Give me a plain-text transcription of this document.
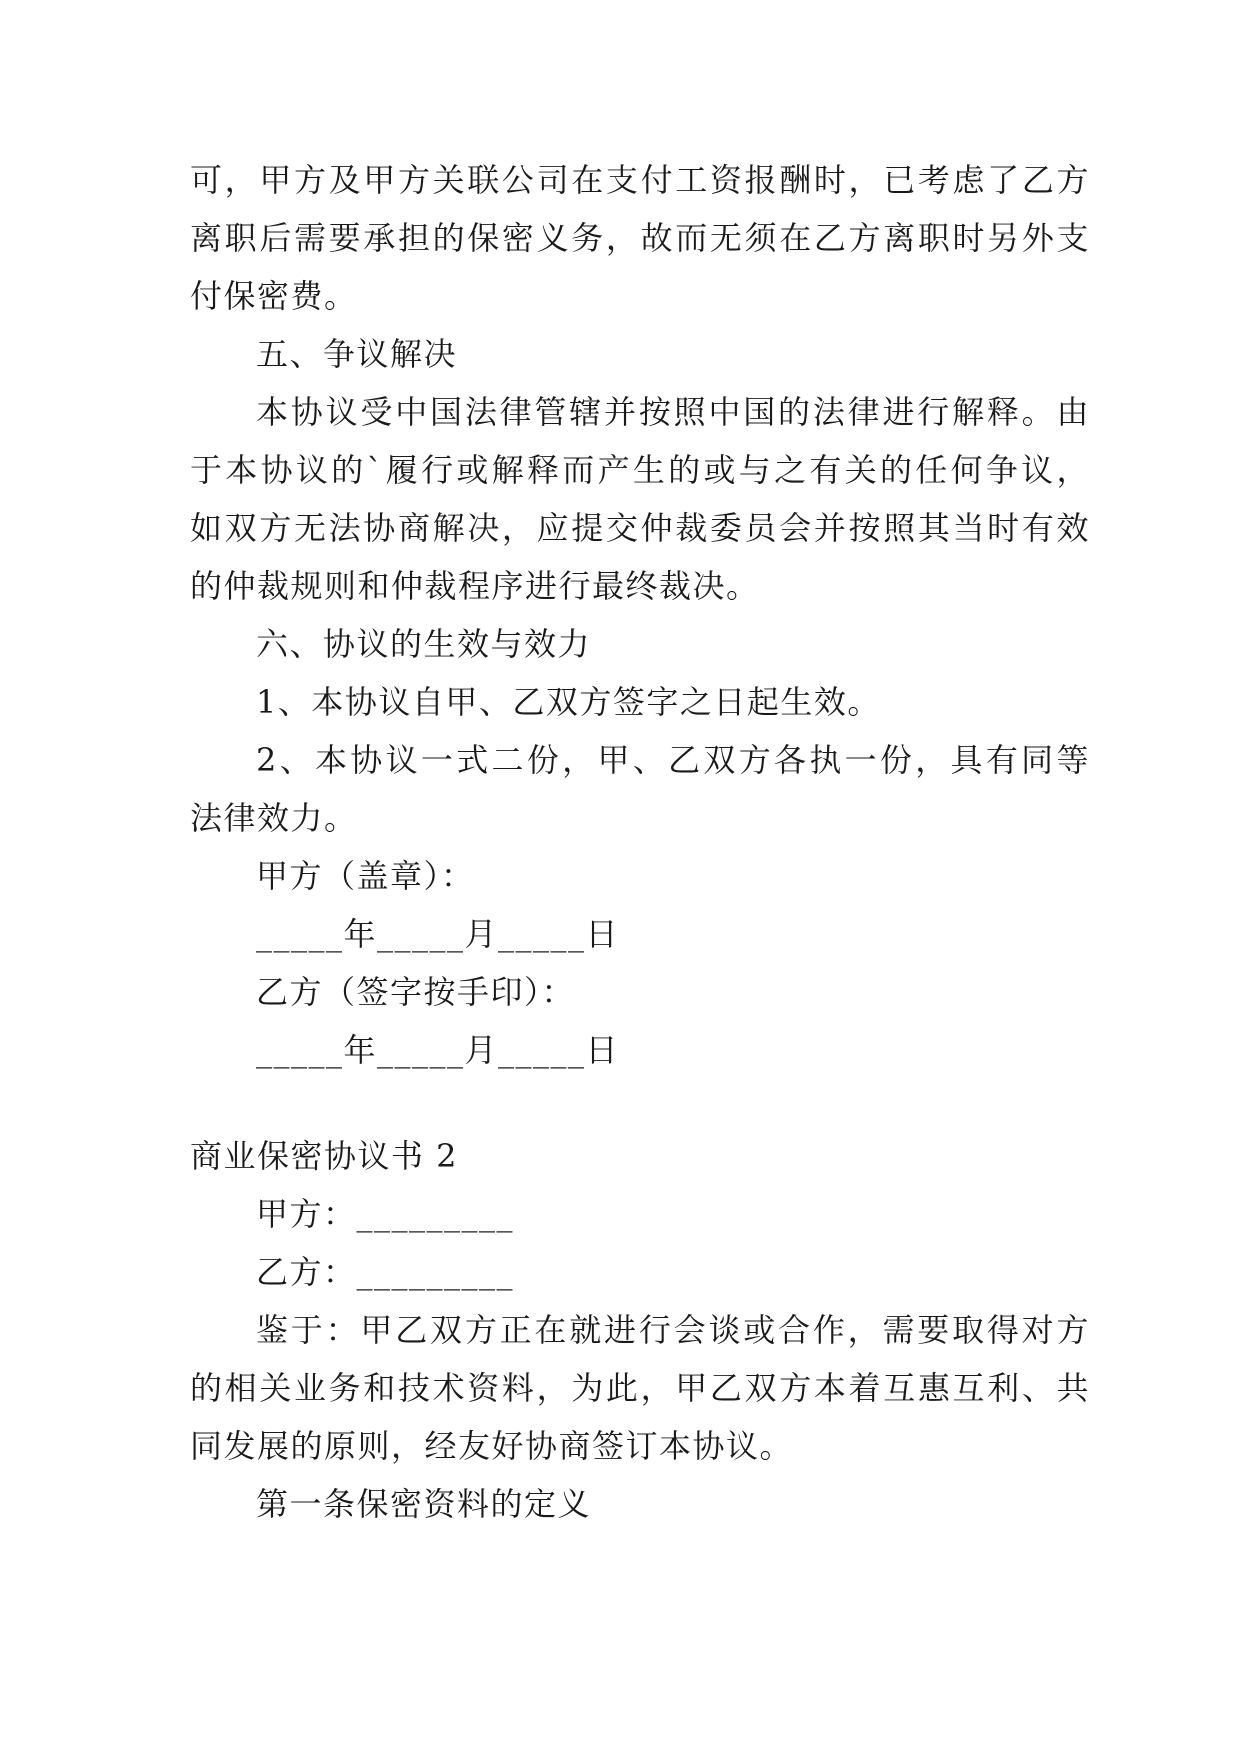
可，甲方及甲方关联公司在支付工资报酬时，已考虑了乙方
离职后需要承担的保密义务，故而无须在乙方离职时另外支
付保密费。
五、争议解决
本协议受中国法律管辖并按照中国的法律进行解释。由
于本协议的`履行或解释而产生的或与之有关的任何争议，
如双方无法协商解决，应提交仲裁委员会并按照其当时有效
的仲裁规则和仲裁程序进行最终裁决。
六、协议的生效与效力
1、本协议自甲、乙双方签字之日起生效。
2、本协议一式二份，甲、乙双方各执一份，具有同等
法律效力。
甲方（盖章）：
_____年_____月_____日
乙方（签字按手印）：
_____年_____月_____日
商业保密协议书 2
甲方：_________
乙方：_________
鉴于：甲乙双方正在就进行会谈或合作，需要取得对方
的相关业务和技术资料，为此，甲乙双方本着互惠互利、共
同发展的原则，经友好协商签订本协议。
第一条保密资料的定义
